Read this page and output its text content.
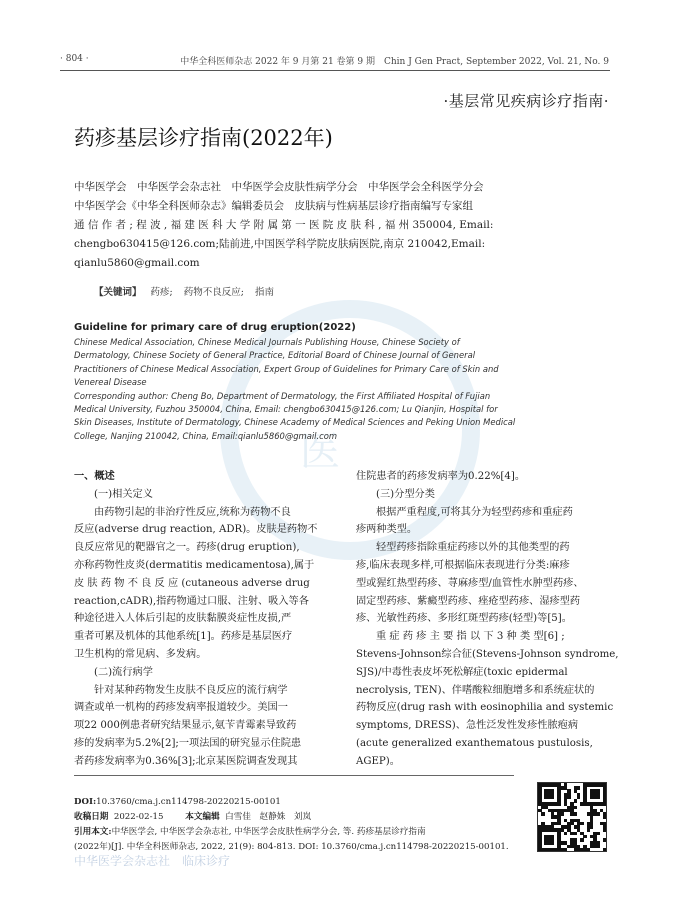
· 804 ·	中华全科医师杂志 2022 年 9 月第 21 卷第 9 期　Chin J Gen Pract, September 2022, Vol. 21, No. 9
·基层常见疾病诊疗指南·
药疹基层诊疗指南(2022年)
中华医学会　中华医学会杂志社　中华医学会皮肤性病学分会　中华医学会全科医学分会
中华医学会《中华全科医师杂志》编辑委员会　皮肤病与性病基层诊疗指南编写专家组
通 信 作 者 ; 程 波 , 福 建 医 科 大 学 附 属 第 一 医 院 皮 肤 科 , 福 州 350004, Email:
chengbo630415@126.com;陆前进,中国医学科学院皮肤病医院,南京 210042,Email:
qianlu5860@gmail.com
【关键词】 药疹; 药物不良反应; 指南
医
Guideline for primary care of drug eruption(2022)
Chinese Medical Association, Chinese Medical Journals Publishing House, Chinese Society of
Dermatology, Chinese Society of General Practice, Editorial Board of Chinese Journal of General
Practitioners of Chinese Medical Association, Expert Group of Guidelines for Primary Care of Skin and
Venereal Disease
Corresponding author: Cheng Bo, Department of Dermatology, the First Affiliated Hospital of Fujian
Medical University, Fuzhou 350004, China, Email: chengbo630415@126.com; Lu Qianjin, Hospital for
Skin Diseases, Institute of Dermatology, Chinese Academy of Medical Sciences and Peking Union Medical
College, Nanjing 210042, China, Email:qianlu5860@gmail.com
一、概述
(一)相关定义
由药物引起的非治疗性反应,统称为药物不良
反应(adverse drug reaction, ADR)。皮肤是药物不
良反应常见的靶器官之一。药疹(drug eruption),
亦称药物性皮炎(dermatitis medicamentosa),属于
皮 肤 药 物 不 良 反 应 (cutaneous adverse drug
reaction,cADR),指药物通过口服、注射、吸入等各
种途径进入人体后引起的皮肤黏膜炎症性皮损,严
重者可累及机体的其他系统[1]。药疹是基层医疗
卫生机构的常见病、多发病。
(二)流行病学
针对某种药物发生皮肤不良反应的流行病学
调查或单一机构的药疹发病率报道较少。美国一
项22 000例患者研究结果显示,氨苄青霉素导致药
疹的发病率为5.2%[2];一项法国的研究显示住院患
者药疹发病率为0.36%[3];北京某医院调查发现其
住院患者的药疹发病率为0.22%[4]。
(三)分型分类
根据严重程度,可将其分为轻型药疹和重症药
疹两种类型。
轻型药疹指除重症药疹以外的其他类型的药
疹,临床表现多样,可根据临床表现进行分类:麻疹
型或猩红热型药疹、荨麻疹型/血管性水肿型药疹、
固定型药疹、紫癜型药疹、痤疮型药疹、湿疹型药
疹、光敏性药疹、多形红斑型药疹(轻型)等[5]。
重 症 药 疹 主 要 指 以 下 3 种 类 型[6] ;
Stevens-Johnson综合征(Stevens-Johnson syndrome,
SJS)/中毒性表皮坏死松解症(toxic epidermal
necrolysis, TEN)、伴嗜酸粒细胞增多和系统症状的
药物反应(drug rash with eosinophilia and systemic
symptoms, DRESS)、急性泛发性发疹性脓疱病
(acute generalized exanthematous pustulosis,
AGEP)。
DOI:10.3760/cma.j.cn114798-20220215-00101
收稿日期 2022-02-15	本文编辑 白雪佳　赵静姝　刘岚
引用本文:中华医学会, 中华医学会杂志社, 中华医学会皮肤性病学分会, 等. 药疹基层诊疗指南
(2022年)[J]. 中华全科医师杂志, 2022, 21(9): 804-813. DOI: 10.3760/cma.j.cn114798-20220215-00101.
中华医学会杂志社　临床诊疗
